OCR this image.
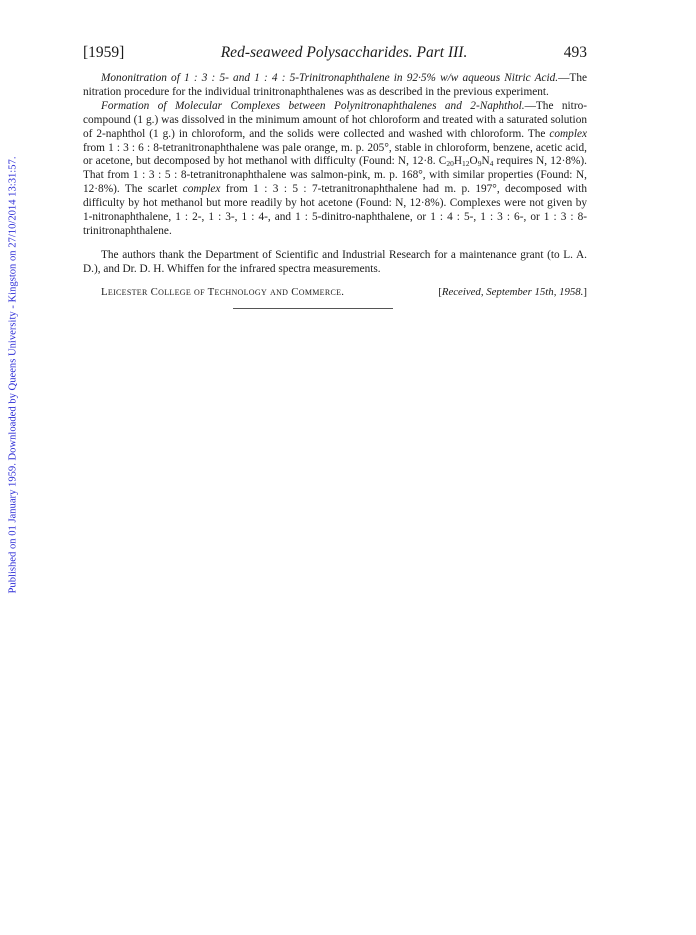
Published on 01 January 1959. Downloaded by Queens University - Kingston on 27/10/2014 13:31:57.
[1959]	Red-seaweed Polysaccharides. Part III.	493

Mononitration of 1 : 3 : 5- and 1 : 4 : 5-Trinitronaphthalene in 92·5% w/w aqueous Nitric Acid.—The nitration procedure for the individual trinitronaphthalenes was as described in the previous experiment.

Formation of Molecular Complexes between Polynitronaphthalenes and 2-Naphthol.—The nitro-compound (1 g.) was dissolved in the minimum amount of hot chloroform and treated with a saturated solution of 2-naphthol (1 g.) in chloroform, and the solids were collected and washed with chloroform. The complex from 1 : 3 : 6 : 8-tetranitronaphthalene was pale orange, m. p. 205°, stable in chloroform, benzene, acetic acid, or acetone, but decomposed by hot methanol with difficulty (Found: N, 12·8. $C_{20}H_{12}O_9N_4$ requires N, 12·8%). That from 1 : 3 : 5 : 8-tetranitronaphthalene was salmon-pink, m. p. 168°, with similar properties (Found: N, 12·8%). The scarlet complex from 1 : 3 : 5 : 7-tetranitronaphthalene had m. p. 197°, decomposed with difficulty by hot methanol but more readily by hot acetone (Found: N, 12·8%). Complexes were not given by 1-nitronaphthalene, 1 : 2-, 1 : 3-, 1 : 4-, and 1 : 5-dinitro-naphthalene, or 1 : 4 : 5-, 1 : 3 : 6-, or 1 : 3 : 8-trinitronaphthalene.

The authors thank the Department of Scientific and Industrial Research for a maintenance grant (to L. A. D.), and Dr. D. H. Whiffen for the infrared spectra measurements.

Leicester College of Technology and Commerce.	[Received, September 15th, 1958.]
